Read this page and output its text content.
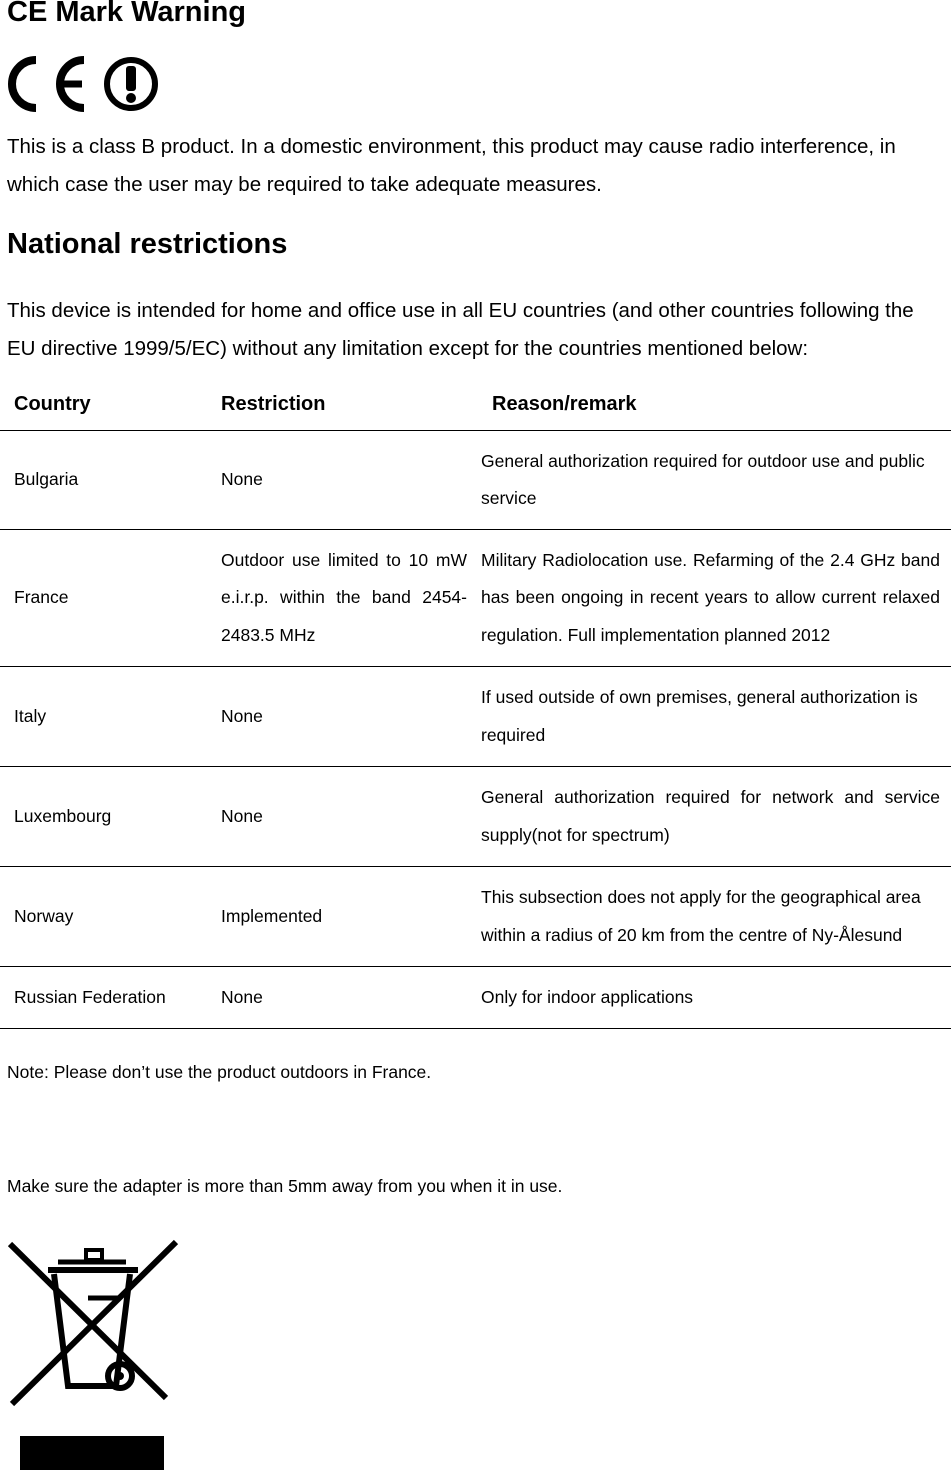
CE Mark Warning
This is a class B product. In a domestic environment, this product may cause radio interference, in which case the user may be required to take adequate measures.
National restrictions
This device is intended for home and office use in all EU countries (and other countries following the EU directive 1999/5/EC) without any limitation except for the countries mentioned below:
Country	Restriction	Reason/remark
Bulgaria	None	General authorization required for outdoor use and public service
France	Outdoor use limited to 10 mW e.i.r.p. within the band 2454-2483.5 MHz	Military Radiolocation use. Refarming of the 2.4 GHz band has been ongoing in recent years to allow current relaxed regulation. Full implementation planned 2012
Italy	None	If used outside of own premises, general authorization is required
Luxembourg	None	General authorization required for network and service supply(not for spectrum)
Norway	Implemented	This subsection does not apply for the geographical area within a radius of 20 km from the centre of Ny-Ålesund
Russian Federation	None	Only for indoor applications
Note: Please don’t use the product outdoors in France.
Make sure the adapter is more than 5mm away from you when it in use.
